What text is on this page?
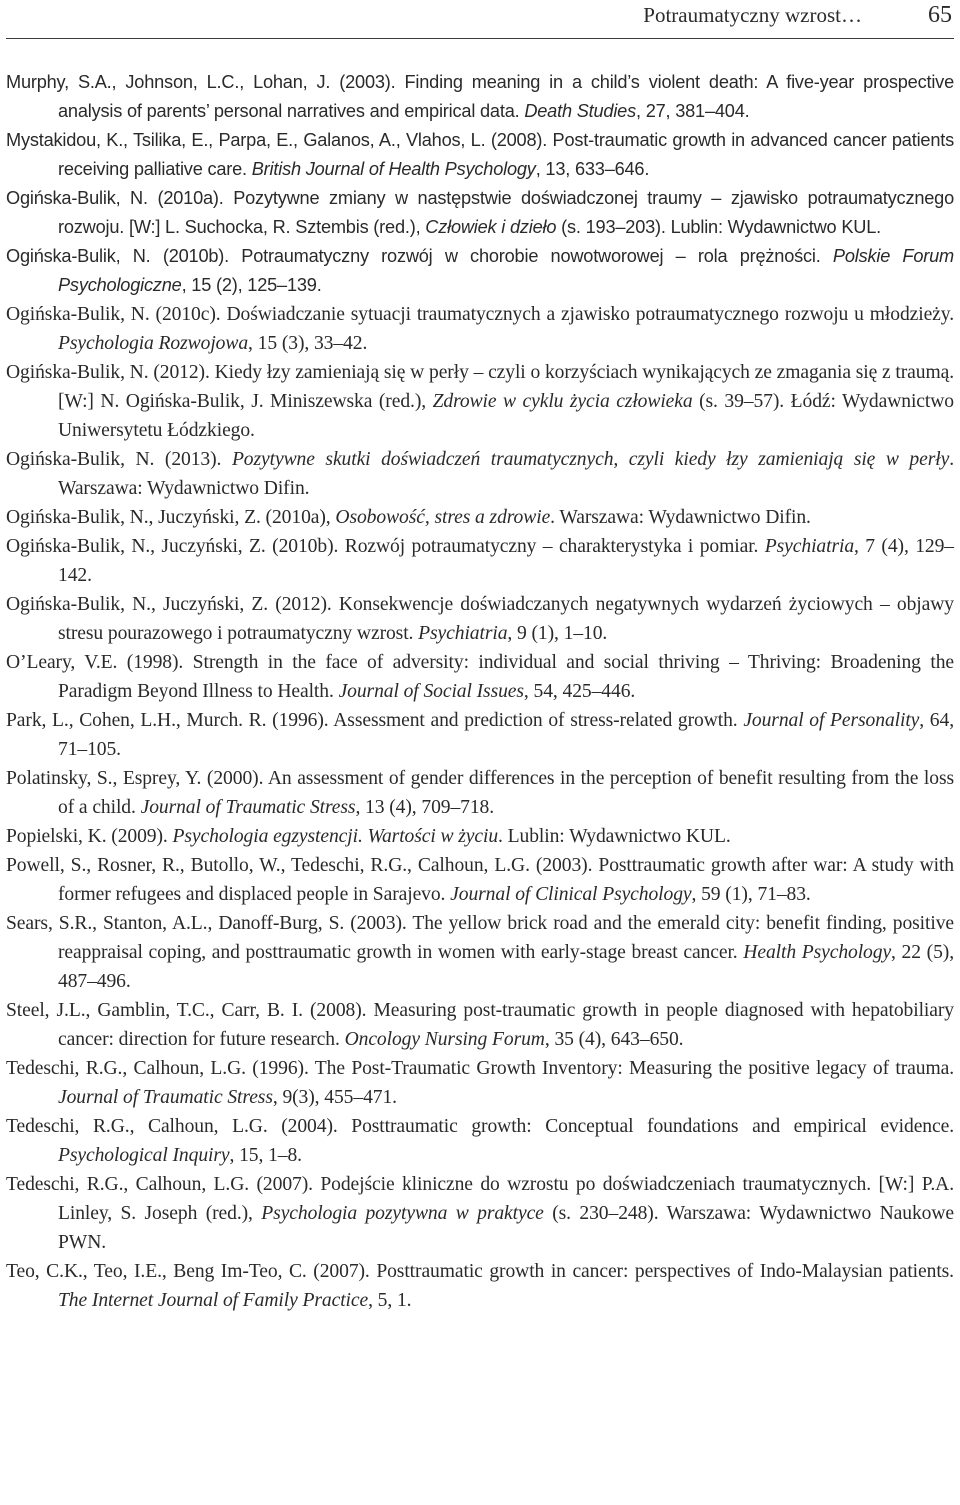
Potraumatyczny wzrost…	65
Murphy, S.A., Johnson, L.C., Lohan, J. (2003). Finding meaning in a child’s violent death: A five-year prospective analysis of parents’ personal narratives and empirical data. Death Studies, 27, 381–404.
Mystakidou, K., Tsilika, E., Parpa, E., Galanos, A., Vlahos, L. (2008). Post-traumatic growth in advanced cancer patients receiving palliative care. British Journal of Health Psychology, 13, 633–646.
Ogińska-Bulik, N. (2010a). Pozytywne zmiany w następstwie doświadczonej traumy – zjawisko potraumatycznego rozwoju. [W:] L. Suchocka, R. Sztembis (red.), Człowiek i dzieło (s. 193–203). Lublin: Wydawnictwo KUL.
Ogińska-Bulik, N. (2010b). Potraumatyczny rozwój w chorobie nowotworowej – rola prężności. Polskie Forum Psychologiczne, 15 (2), 125–139.
Ogińska-Bulik, N. (2010c). Doświadczanie sytuacji traumatycznych a zjawisko potraumatycznego rozwoju u młodzieży. Psychologia Rozwojowa, 15 (3), 33–42.
Ogińska-Bulik, N. (2012). Kiedy łzy zamieniają się w perły – czyli o korzyściach wynikających ze zmagania się z traumą. [W:] N. Ogińska-Bulik, J. Miniszewska (red.), Zdrowie w cyklu życia człowieka (s. 39–57). Łódź: Wydawnictwo Uniwersytetu Łódzkiego.
Ogińska-Bulik, N. (2013). Pozytywne skutki doświadczeń traumatycznych, czyli kiedy łzy zamieniają się w perły. Warszawa: Wydawnictwo Difin.
Ogińska-Bulik, N., Juczyński, Z. (2010a), Osobowość, stres a zdrowie. Warszawa: Wydawnictwo Difin.
Ogińska-Bulik, N., Juczyński, Z. (2010b). Rozwój potraumatyczny – charakterystyka i pomiar. Psychiatria, 7 (4), 129–142.
Ogińska-Bulik, N., Juczyński, Z. (2012). Konsekwencje doświadczanych negatywnych wydarzeń życiowych – objawy stresu pourazowego i potraumatyczny wzrost. Psychiatria, 9 (1), 1–10.
O’Leary, V.E. (1998). Strength in the face of adversity: individual and social thriving – Thriving: Broadening the Paradigm Beyond Illness to Health. Journal of Social Issues, 54, 425–446.
Park, L., Cohen, L.H., Murch. R. (1996). Assessment and prediction of stress-related growth. Journal of Personality, 64, 71–105.
Polatinsky, S., Esprey, Y. (2000). An assessment of gender differences in the perception of benefit resulting from the loss of a child. Journal of Traumatic Stress, 13 (4), 709–718.
Popielski, K. (2009). Psychologia egzystencji. Wartości w życiu. Lublin: Wydawnictwo KUL.
Powell, S., Rosner, R., Butollo, W., Tedeschi, R.G., Calhoun, L.G. (2003). Posttraumatic growth after war: A study with former refugees and displaced people in Sarajevo. Journal of Clinical Psychology, 59 (1), 71–83.
Sears, S.R., Stanton, A.L., Danoff-Burg, S. (2003). The yellow brick road and the emerald city: benefit finding, positive reappraisal coping, and posttraumatic growth in women with early-stage breast cancer. Health Psychology, 22 (5), 487–496.
Steel, J.L., Gamblin, T.C., Carr, B. I. (2008). Measuring post-traumatic growth in people diagnosed with hepatobiliary cancer: direction for future research. Oncology Nursing Forum, 35 (4), 643–650.
Tedeschi, R.G., Calhoun, L.G. (1996). The Post-Traumatic Growth Inventory: Measuring the positive legacy of trauma. Journal of Traumatic Stress, 9(3), 455–471.
Tedeschi, R.G., Calhoun, L.G. (2004). Posttraumatic growth: Conceptual foundations and empirical evidence. Psychological Inquiry, 15, 1–8.
Tedeschi, R.G., Calhoun, L.G. (2007). Podejście kliniczne do wzrostu po doświadczeniach traumatycznych. [W:] P.A. Linley, S. Joseph (red.), Psychologia pozytywna w praktyce (s. 230–248). Warszawa: Wydawnictwo Naukowe PWN.
Teo, C.K., Teo, I.E., Beng Im-Teo, C. (2007). Posttraumatic growth in cancer: perspectives of Indo-Malaysian patients. The Internet Journal of Family Practice, 5, 1.
